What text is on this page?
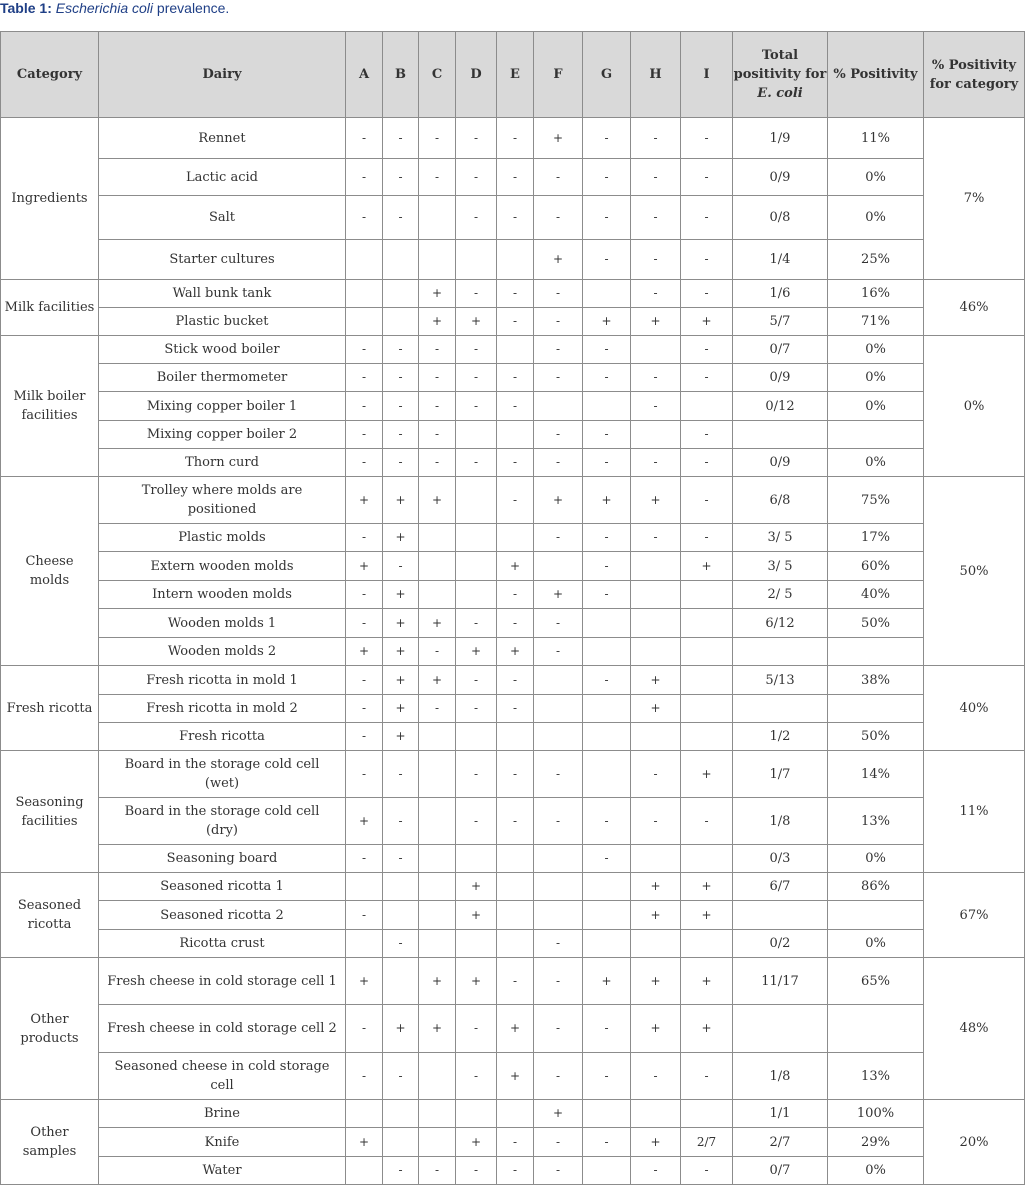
Table 1: Escherichia coli prevalence.
Category	Dairy	A	B	C	D	E	F	G	H	I	Total positivity for E. coli	% Positivity	% Positivity for category
Ingredients	Rennet	-	-	-	-	-	+	-	-	-	1/9	11%	7%
	Lactic acid	-	-	-	-	-	-	-	-	-	0/9	0%	
	Salt	-	-		-	-	-	-	-	-	0/8	0%	
	Starter cultures						+	-	-	-	1/4	25%	
Milk facilities	Wall bunk tank			+	-	-	-		-	-	1/6	16%	46%
	Plastic bucket			+	+	-	-	+	+	+	5/7	71%	
Milk boiler facilities	Stick wood boiler	-	-	-	-		-	-		-	0/7	0%	0%
	Boiler thermometer	-	-	-	-	-	-	-	-	-	0/9	0%	
	Mixing copper boiler 1	-	-	-	-	-			-		0/12	0%	
	Mixing copper boiler 2	-	-	-			-	-		-			
	Thorn curd	-	-	-	-	-	-	-	-	-	0/9	0%	
Cheese molds	Trolley where molds are positioned	+	+	+		-	+	+	+	-	6/8	75%	50%
	Plastic molds	-	+				-	-	-	-	3/ 5	17%	
	Extern wooden molds	+	-			+		-		+	3/ 5	60%	
	Intern wooden molds	-	+			-	+	-			2/ 5	40%	
	Wooden molds 1	-	+	+	-	-	-				6/12	50%	
	Wooden molds 2	+	+	-	+	+	-						
Fresh ricotta	Fresh ricotta in mold 1	-	+	+	-	-		-	+		5/13	38%	40%
	Fresh ricotta in mold 2	-	+	-	-	-			+				
	Fresh ricotta	-	+								1/2	50%	
Seasoning facilities	Board in the storage cold cell (wet)	-	-		-	-	-		-	+	1/7	14%	11%
	Board in the storage cold cell (dry)	+	-		-	-	-	-	-	-	1/8	13%	
	Seasoning board	-	-					-			0/3	0%	
Seasoned ricotta	Seasoned ricotta 1				+				+	+	6/7	86%	67%
	Seasoned ricotta 2	-			+				+	+			
	Ricotta crust		-				-				0/2	0%	
Other products	Fresh cheese in cold storage cell 1	+		+	+	-	-	+	+	+	11/17	65%	48%
	Fresh cheese in cold storage cell 2	-	+	+	-	+	-	-	+	+			
	Seasoned cheese in cold storage cell	-	-		-	+	-	-	-	-	1/8	13%	
Other samples	Brine						+				1/1	100%	20%
	Knife	+			+	-	-	-	+	2/7	2/7	29%	
	Water		-	-	-	-	-		-	-	0/7	0%	
